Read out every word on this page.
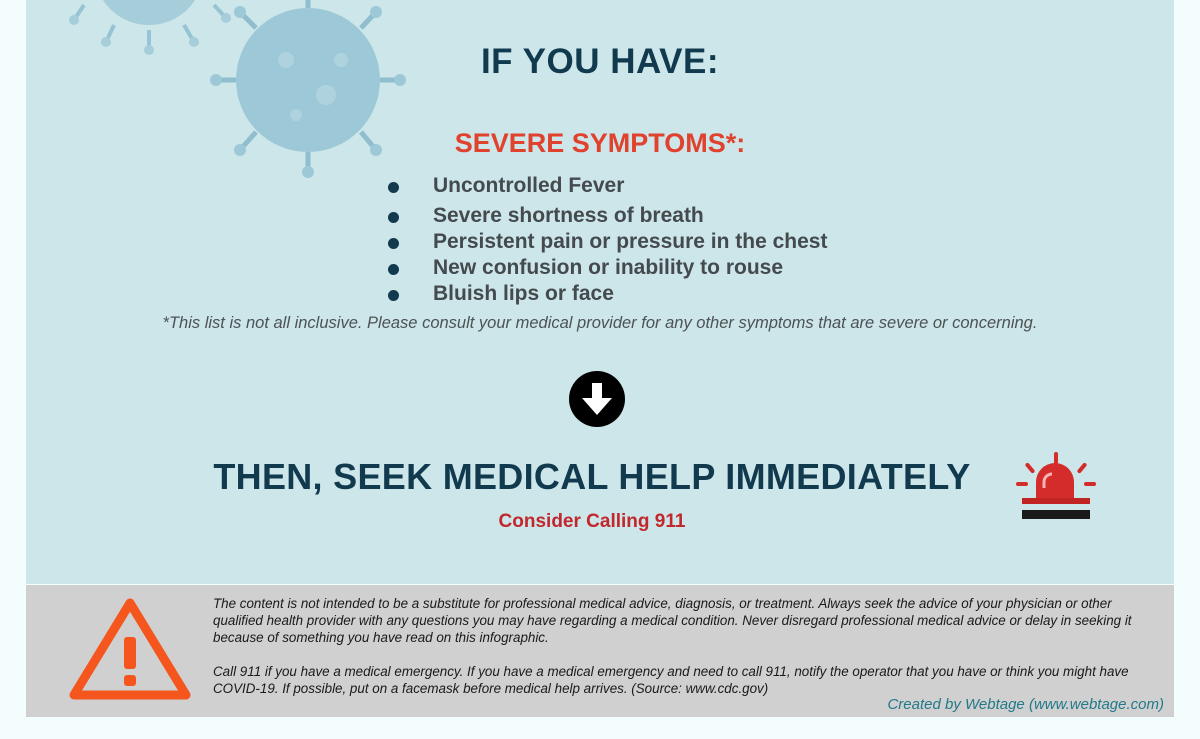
IF YOU HAVE:
SEVERE SYMPTOMS*:
Uncontrolled Fever
Severe shortness of breath
Persistent pain or pressure in the chest
New confusion or inability to rouse
Bluish lips or face
*This list is not all inclusive. Please consult your medical provider for any other symptoms that are severe or concerning.
THEN, SEEK MEDICAL HELP IMMEDIATELY
Consider Calling 911

The content is not intended to be a substitute for professional medical advice, diagnosis, or treatment. Always seek the advice of your physician or other qualified health provider with any questions you may have regarding a medical condition. Never disregard professional medical advice or delay in seeking it because of something you have read on this infographic.

Call 911 if you have a medical emergency. If you have a medical emergency and need to call 911, notify the operator that you have or think you might have COVID-19. If possible, put on a facemask before medical help arrives. (Source: www.cdc.gov)

Created by Webtage (www.webtage.com)
